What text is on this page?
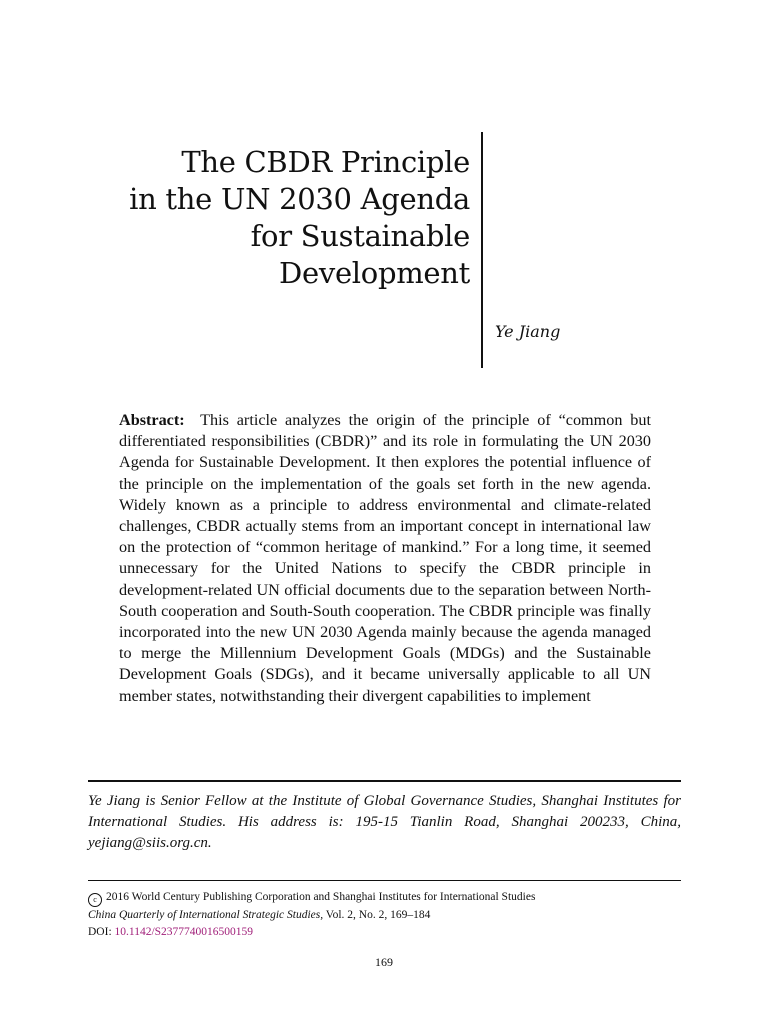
The CBDR Principle
in the UN 2030 Agenda
for Sustainable
Development
Ye Jiang

Abstract: This article analyzes the origin of the principle of “common but differentiated responsibilities (CBDR)” and its role in formulating the UN 2030 Agenda for Sustainable Development. It then explores the potential influence of the principle on the implementation of the goals set forth in the new agenda. Widely known as a principle to address environmental and climate-related challenges, CBDR actually stems from an important concept in international law on the protection of “common heritage of mankind.” For a long time, it seemed unnecessary for the United Nations to specify the CBDR principle in development-related UN official documents due to the separation between North-South cooperation and South-South cooperation. The CBDR principle was finally incorporated into the new UN 2030 Agenda mainly because the agenda managed to merge the Millennium Development Goals (MDGs) and the Sustainable Development Goals (SDGs), and it became universally applicable to all UN member states, notwithstanding their divergent capabilities to implement

Ye Jiang is Senior Fellow at the Institute of Global Governance Studies, Shanghai Institutes for International Studies. His address is: 195-15 Tianlin Road, Shanghai 200233, China, yejiang@siis.org.cn.

c 2016 World Century Publishing Corporation and Shanghai Institutes for International Studies
China Quarterly of International Strategic Studies, Vol. 2, No. 2, 169–184
DOI: 10.1142/S2377740016500159
169
